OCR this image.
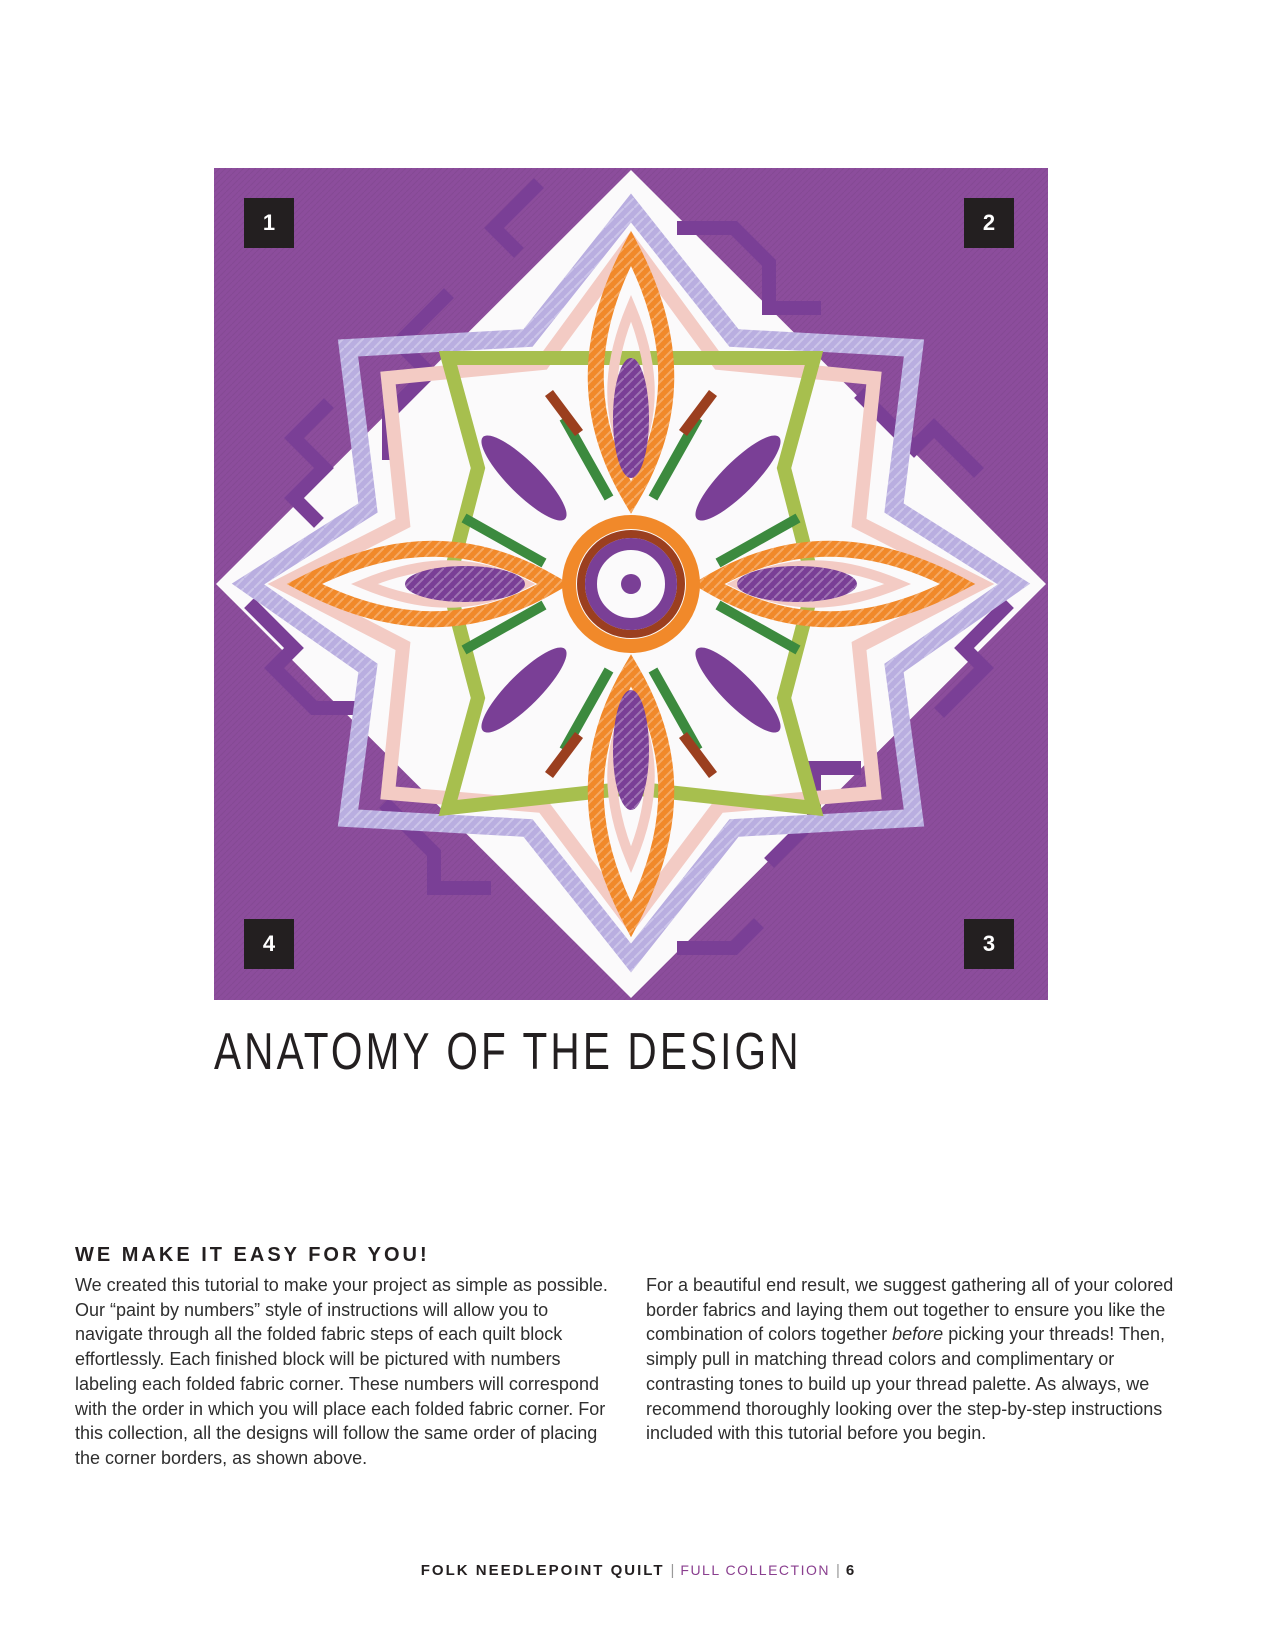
1	2
3
4
ANATOMY OF THE DESIGN
WE MAKE IT EASY FOR YOU!

We created this tutorial to make your project as simple as possible. Our “paint by numbers” style of instructions will allow you to navigate through all the folded fabric steps of each quilt block effortlessly. Each finished block will be pictured with numbers labeling each folded fabric corner. These numbers will correspond with the order in which you will place each folded fabric corner. For this collection, all the designs will follow the same order of placing the corner borders, as shown above.

For a beautiful end result, we suggest gathering all of your colored border fabrics and laying them out together to ensure you like the combination of colors together before picking your threads! Then, simply pull in matching thread colors and complimentary or contrasting tones to build up your thread palette. As always, we recommend thoroughly looking over the step-by-step instructions included with this tutorial before you begin.

FOLK NEEDLEPOINT QUILT | FULL COLLECTION | 6
